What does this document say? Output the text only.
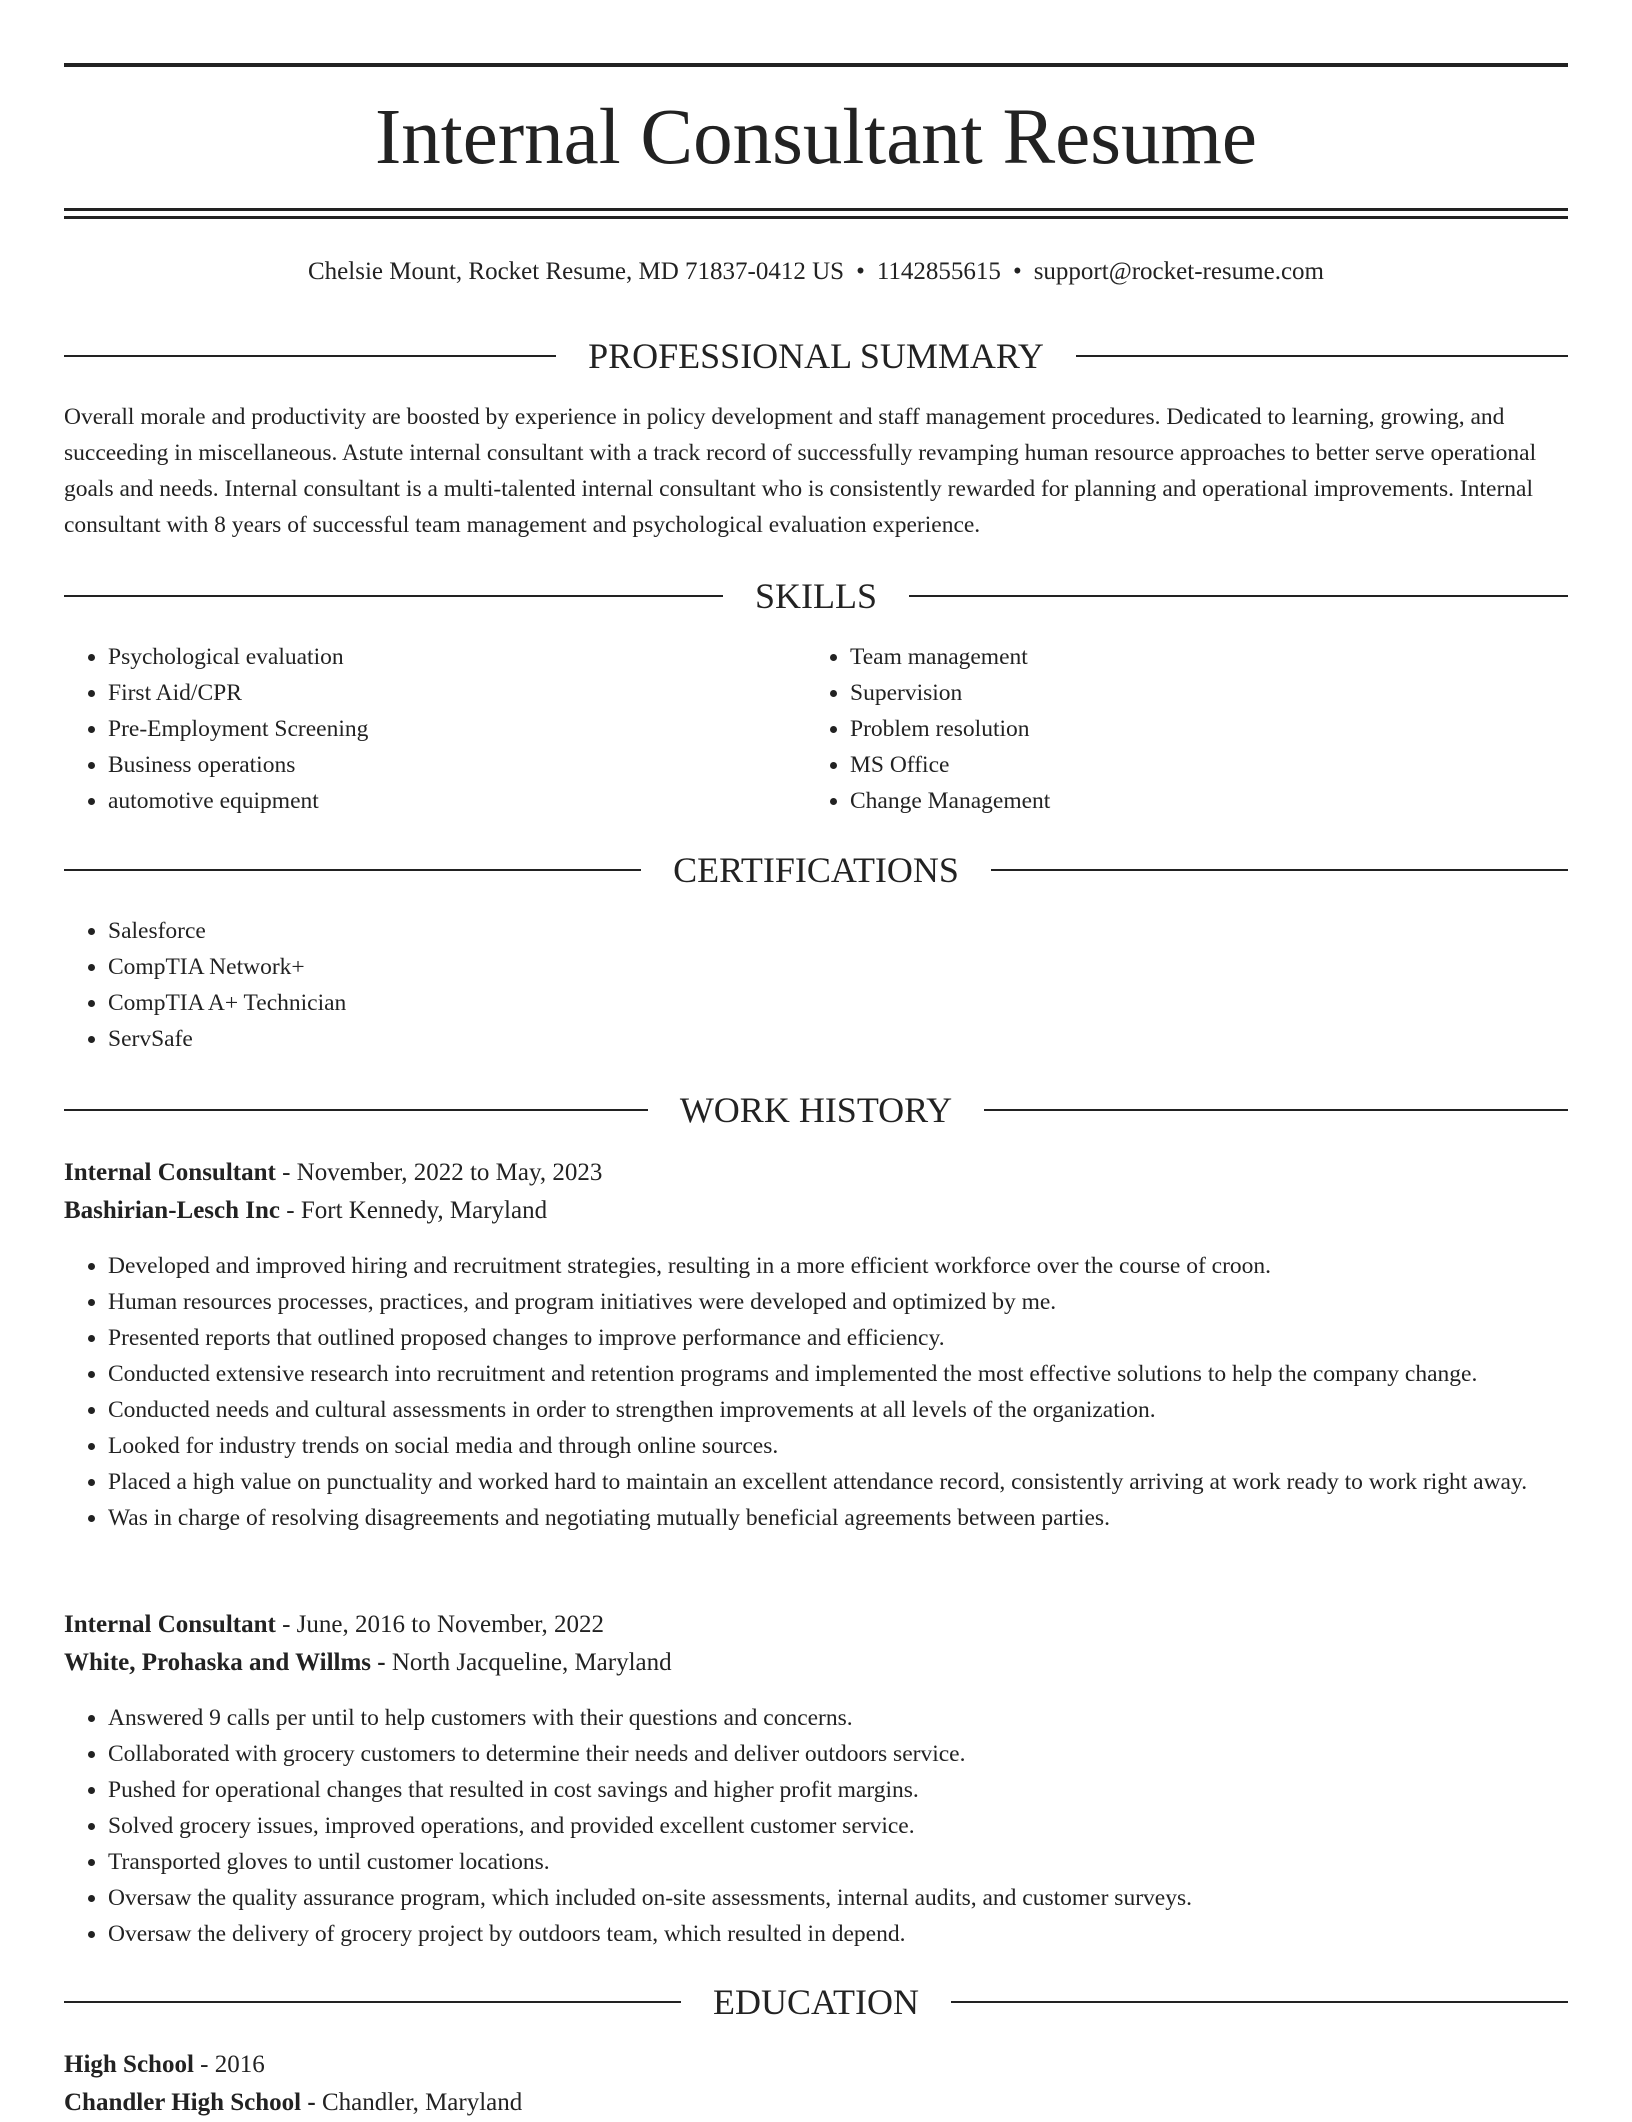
Internal Consultant Resume
Chelsie Mount, Rocket Resume, MD 71837-0412 US • 1142855615 • support@rocket-resume.com
PROFESSIONAL SUMMARY

Overall morale and productivity are boosted by experience in policy development and staff management procedures. Dedicated to learning, growing, and succeeding in miscellaneous. Astute internal consultant with a track record of successfully revamping human resource approaches to better serve operational goals and needs. Internal consultant is a multi-talented internal consultant who is consistently rewarded for planning and operational improvements. Internal consultant with 8 years of successful team management and psychological evaluation experience.

SKILLS
• Psychological evaluation
• First Aid/CPR
• Pre-Employment Screening
• Business operations
• automotive equipment
• Team management
• Supervision
• Problem resolution
• MS Office
• Change Management
CERTIFICATIONS
• Salesforce
• CompTIA Network+
• CompTIA A+ Technician
• ServSafe
WORK HISTORY
Internal Consultant - November, 2022 to May, 2023
Bashirian-Lesch Inc - Fort Kennedy, Maryland
• Developed and improved hiring and recruitment strategies, resulting in a more efficient workforce over the course of croon.
• Human resources processes, practices, and program initiatives were developed and optimized by me.
• Presented reports that outlined proposed changes to improve performance and efficiency.
• Conducted extensive research into recruitment and retention programs and implemented the most effective solutions to help the company change.
• Conducted needs and cultural assessments in order to strengthen improvements at all levels of the organization.
• Looked for industry trends on social media and through online sources.
• Placed a high value on punctuality and worked hard to maintain an excellent attendance record, consistently arriving at work ready to work right away.
• Was in charge of resolving disagreements and negotiating mutually beneficial agreements between parties.
Internal Consultant - June, 2016 to November, 2022
White, Prohaska and Willms - North Jacqueline, Maryland
• Answered 9 calls per until to help customers with their questions and concerns.
• Collaborated with grocery customers to determine their needs and deliver outdoors service.
• Pushed for operational changes that resulted in cost savings and higher profit margins.
• Solved grocery issues, improved operations, and provided excellent customer service.
• Transported gloves to until customer locations.
• Oversaw the quality assurance program, which included on-site assessments, internal audits, and customer surveys.
• Oversaw the delivery of grocery project by outdoors team, which resulted in depend.
EDUCATION
High School - 2016
Chandler High School - Chandler, Maryland
